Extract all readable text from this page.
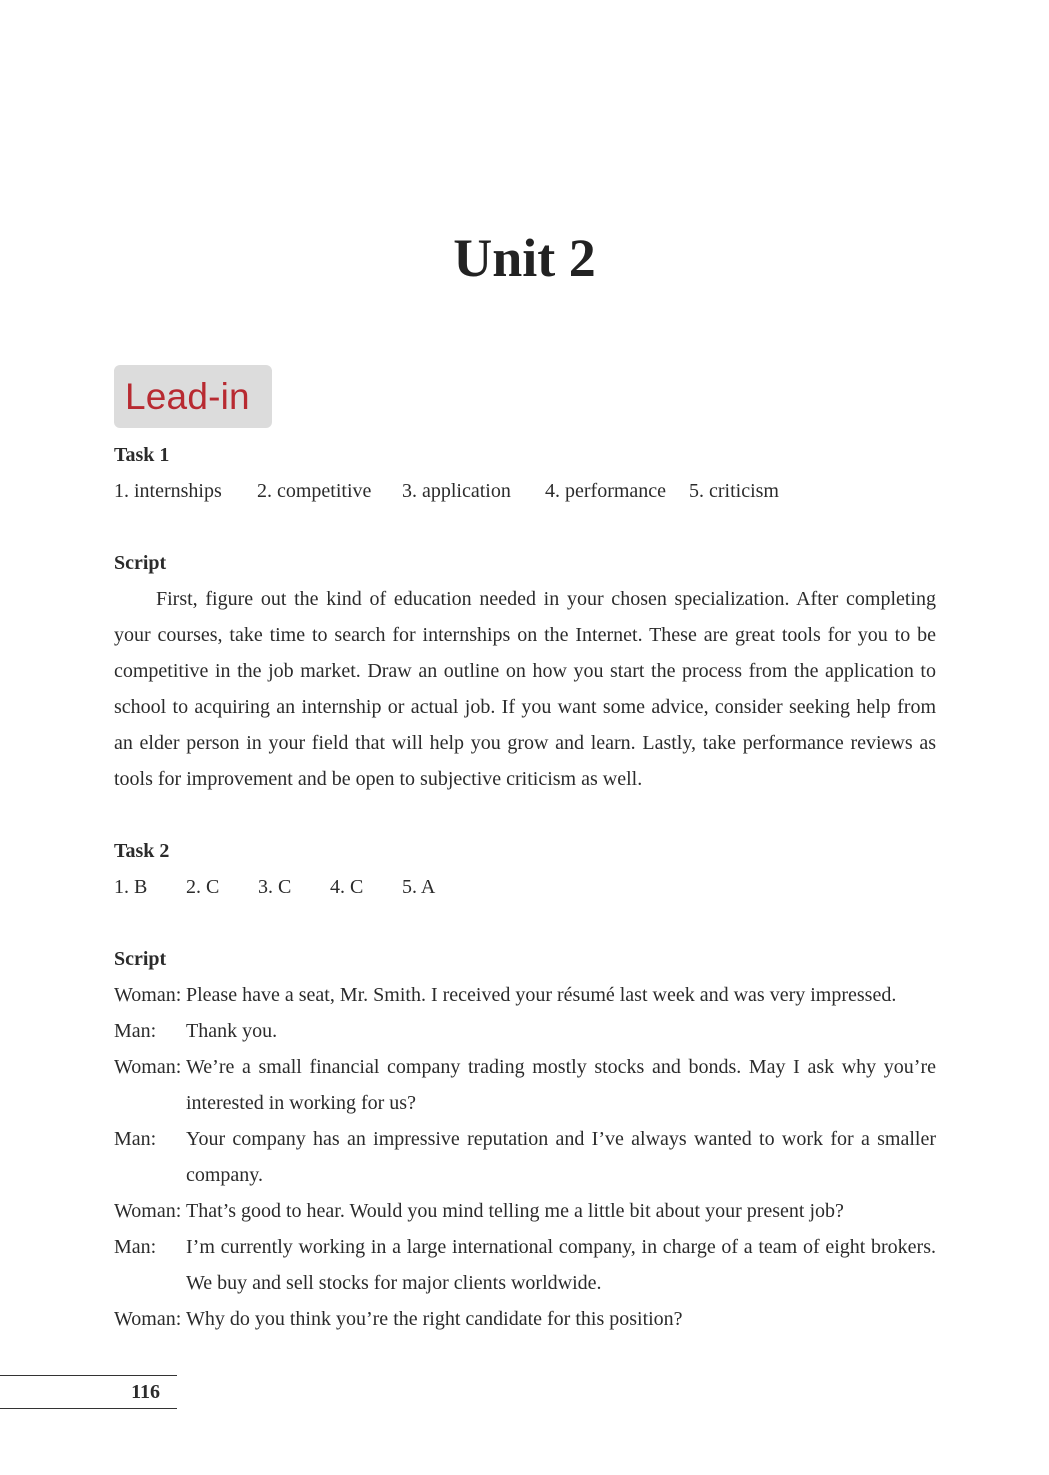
Unit 2
Lead-in
Task 1
1. internships 2. competitive 3. application 4. performance 5. criticism
Script
First, figure out the kind of education needed in your chosen specialization. After completing your courses, take time to search for internships on the Internet. These are great tools for you to be competitive in the job market. Draw an outline on how you start the process from the application to school to acquiring an internship or actual job. If you want some advice, consider seeking help from an elder person in your field that will help you grow and learn. Lastly, take performance reviews as tools for improvement and be open to subjective criticism as well.
Task 2
1. B 2. C 3. C 4. C 5. A
Script
Woman: Please have a seat, Mr. Smith. I received your résumé last week and was very impressed.
Man:	Thank you.
Woman: We’re a small financial company trading mostly stocks and bonds. May I ask why you’re interested in working for us?
Man:	Your company has an impressive reputation and I’ve always wanted to work for a smaller company.
Woman: That’s good to hear. Would you mind telling me a little bit about your present job?
Man:	I’m currently working in a large international company, in charge of a team of eight brokers. We buy and sell stocks for major clients worldwide.
Woman: Why do you think you’re the right candidate for this position?
116
